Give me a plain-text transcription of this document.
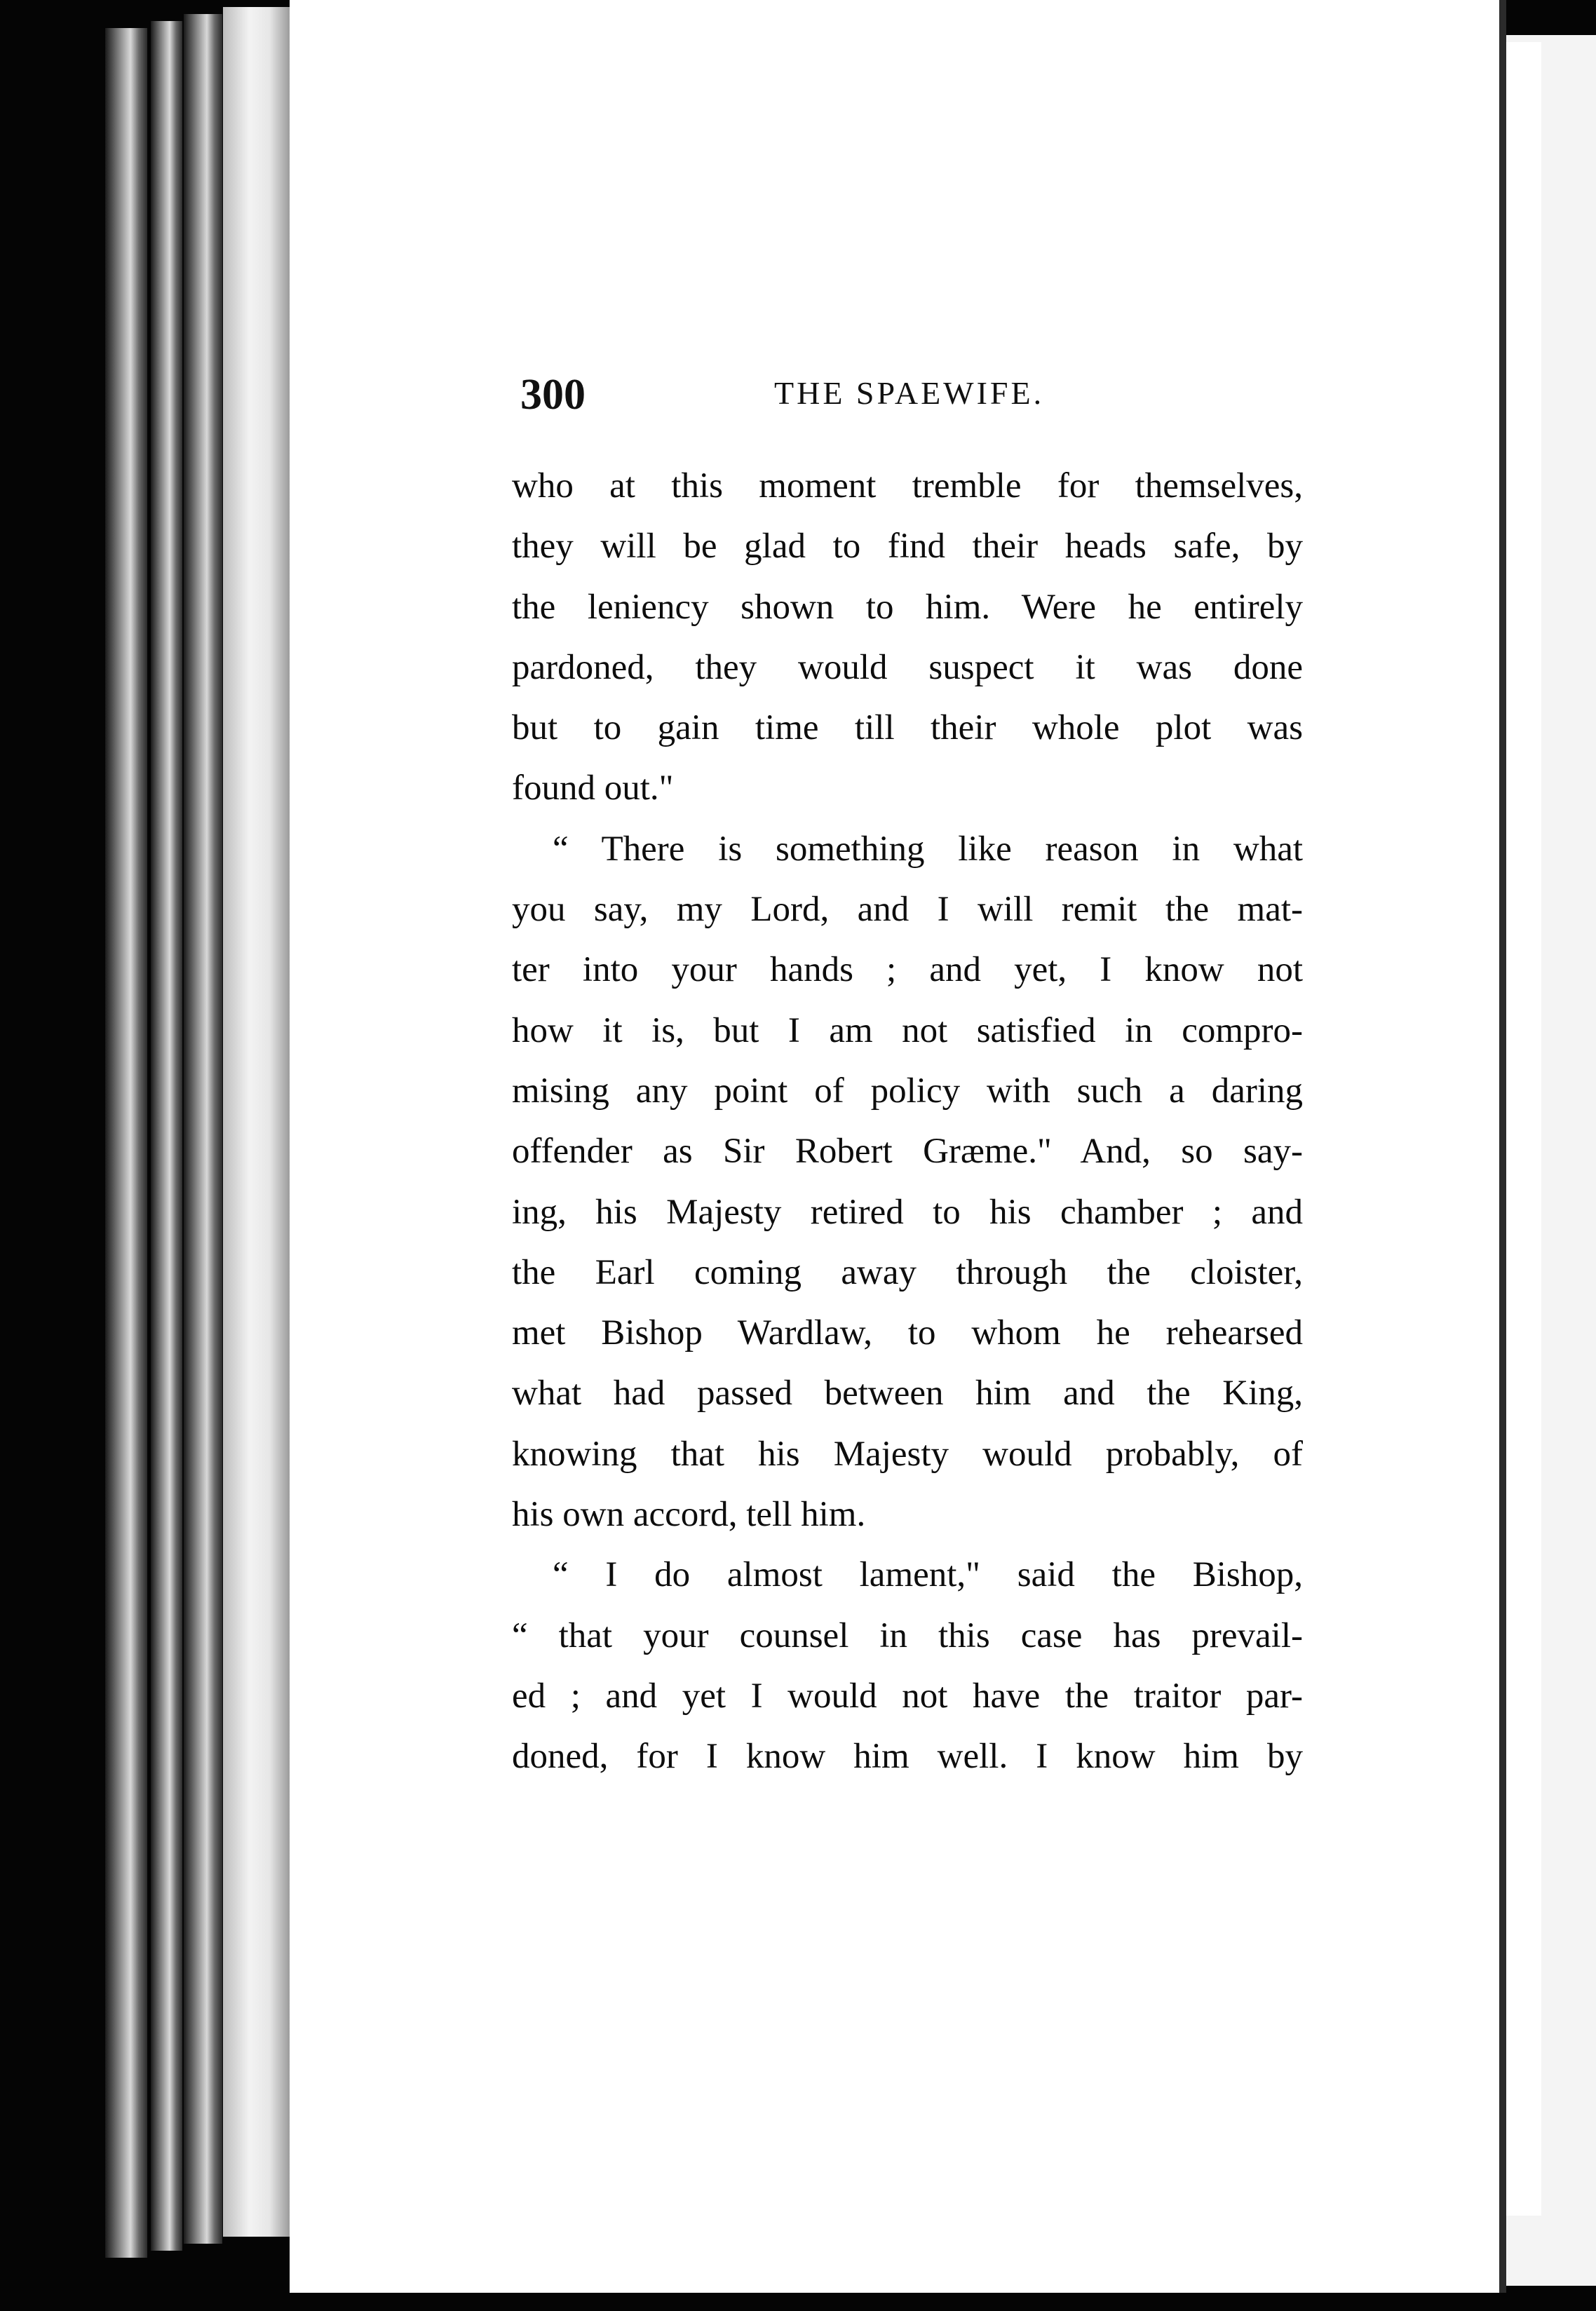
300	THE SPAEWIFE.
who at this moment tremble for themselves,
they will be glad to find their heads safe, by
the leniency shown to him. Were he entirely
pardoned, they would suspect it was done
but to gain time till their whole plot was
found out."
“ There is something like reason in what
you say, my Lord, and I will remit the mat-
ter into your hands ; and yet, I know not
how it is, but I am not satisfied in compro-
mising any point of policy with such a daring
offender as Sir Robert Græme." And, so say-
ing, his Majesty retired to his chamber ; and
the Earl coming away through the cloister,
met Bishop Wardlaw, to whom he rehearsed
what had passed between him and the King,
knowing that his Majesty would probably, of
his own accord, tell him.
“ I do almost lament," said the Bishop,
“ that your counsel in this case has prevail-
ed ; and yet I would not have the traitor par-
doned, for I know him well. I know him by
